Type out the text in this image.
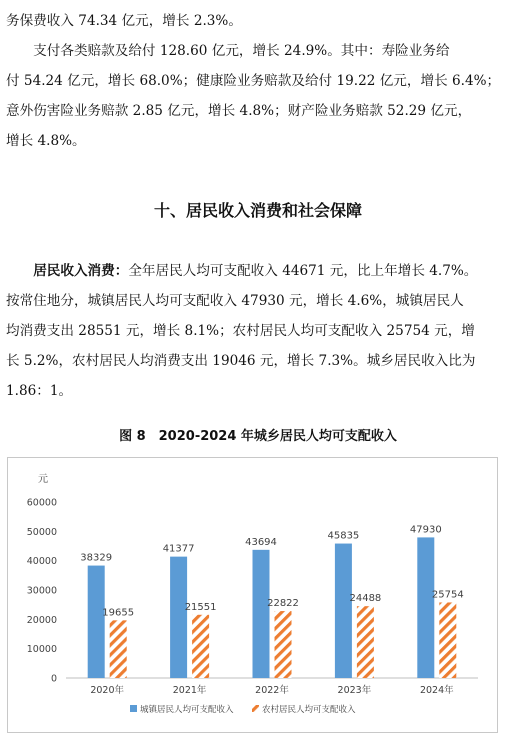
务保费收入 74.34 亿元，增长 2.3%。

　　支付各类赔款及给付 128.60 亿元，增长 24.9%。其中：寿险业务给
付 54.24 亿元，增长 68.0%；健康险业务赔款及给付 19.22 亿元，增长 6.4%；
意外伤害险业务赔款 2.85 亿元，增长 4.8%；财产险业务赔款 52.29 亿元，
增长 4.8%。

十、居民收入消费和社会保障

　　居民收入消费：全年居民人均可支配收入 44671 元，比上年增长 4.7%。
按常住地分，城镇居民人均可支配收入 47930 元，增长 4.6%，城镇居民人
均消费支出 28551 元，增长 8.1%；农村居民人均可支配收入 25754 元，增
长 5.2%，农村居民人均消费支出 19046 元，增长 7.3%。城乡居民收入比为
1.86：1。

图 8　2020-2024 年城乡居民人均可支配收入
元
0
10000
20000
30000
40000
50000
60000
38329
19655
2020年
41377
21551
2021年
43694
22822
2022年
45835
24488
2023年
47930
25754
2024年
城镇居民人均可支配收入	农村居民人均可支配收入
